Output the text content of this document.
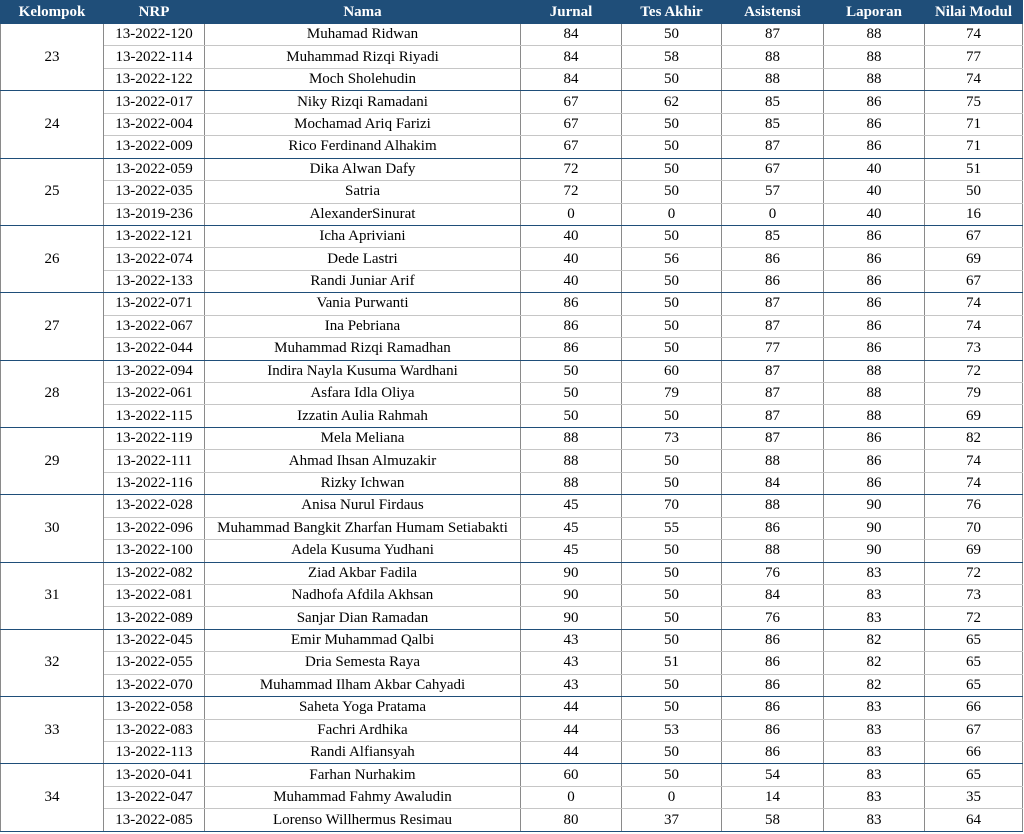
Kelompok	NRP	Nama	Jurnal	Tes Akhir	Asistensi	Laporan	Nilai Modul
23	13-2022-120	Muhamad Ridwan	84	50	87	88	74
	13-2022-114	Muhammad Rizqi Riyadi	84	58	88	88	77
	13-2022-122	Moch Sholehudin	84	50	88	88	74
24	13-2022-017	Niky Rizqi Ramadani	67	62	85	86	75
	13-2022-004	Mochamad Ariq Farizi	67	50	85	86	71
	13-2022-009	Rico Ferdinand Alhakim	67	50	87	86	71
25	13-2022-059	Dika Alwan Dafy	72	50	67	40	51
	13-2022-035	Satria	72	50	57	40	50
	13-2019-236	AlexanderSinurat	0	0	0	40	16
26	13-2022-121	Icha Apriviani	40	50	85	86	67
	13-2022-074	Dede Lastri	40	56	86	86	69
	13-2022-133	Randi Juniar Arif	40	50	86	86	67
27	13-2022-071	Vania Purwanti	86	50	87	86	74
	13-2022-067	Ina Pebriana	86	50	87	86	74
	13-2022-044	Muhammad Rizqi Ramadhan	86	50	77	86	73
28	13-2022-094	Indira Nayla Kusuma Wardhani	50	60	87	88	72
	13-2022-061	Asfara Idla Oliya	50	79	87	88	79
	13-2022-115	Izzatin Aulia Rahmah	50	50	87	88	69
29	13-2022-119	Mela Meliana	88	73	87	86	82
	13-2022-111	Ahmad Ihsan Almuzakir	88	50	88	86	74
	13-2022-116	Rizky Ichwan	88	50	84	86	74
30	13-2022-028	Anisa Nurul Firdaus	45	70	88	90	76
	13-2022-096	Muhammad Bangkit Zharfan Humam Setiabakti	45	55	86	90	70
	13-2022-100	Adela Kusuma Yudhani	45	50	88	90	69
31	13-2022-082	Ziad Akbar Fadila	90	50	76	83	72
	13-2022-081	Nadhofa Afdila Akhsan	90	50	84	83	73
	13-2022-089	Sanjar Dian Ramadan	90	50	76	83	72
32	13-2022-045	Emir Muhammad Qalbi	43	50	86	82	65
	13-2022-055	Dria Semesta Raya	43	51	86	82	65
	13-2022-070	Muhammad Ilham Akbar Cahyadi	43	50	86	82	65
33	13-2022-058	Saheta Yoga Pratama	44	50	86	83	66
	13-2022-083	Fachri Ardhika	44	53	86	83	67
	13-2022-113	Randi Alfiansyah	44	50	86	83	66
34	13-2020-041	Farhan Nurhakim	60	50	54	83	65
	13-2022-047	Muhammad Fahmy Awaludin	0	0	14	83	35
	13-2022-085	Lorenso Willhermus Resimau	80	37	58	83	64
